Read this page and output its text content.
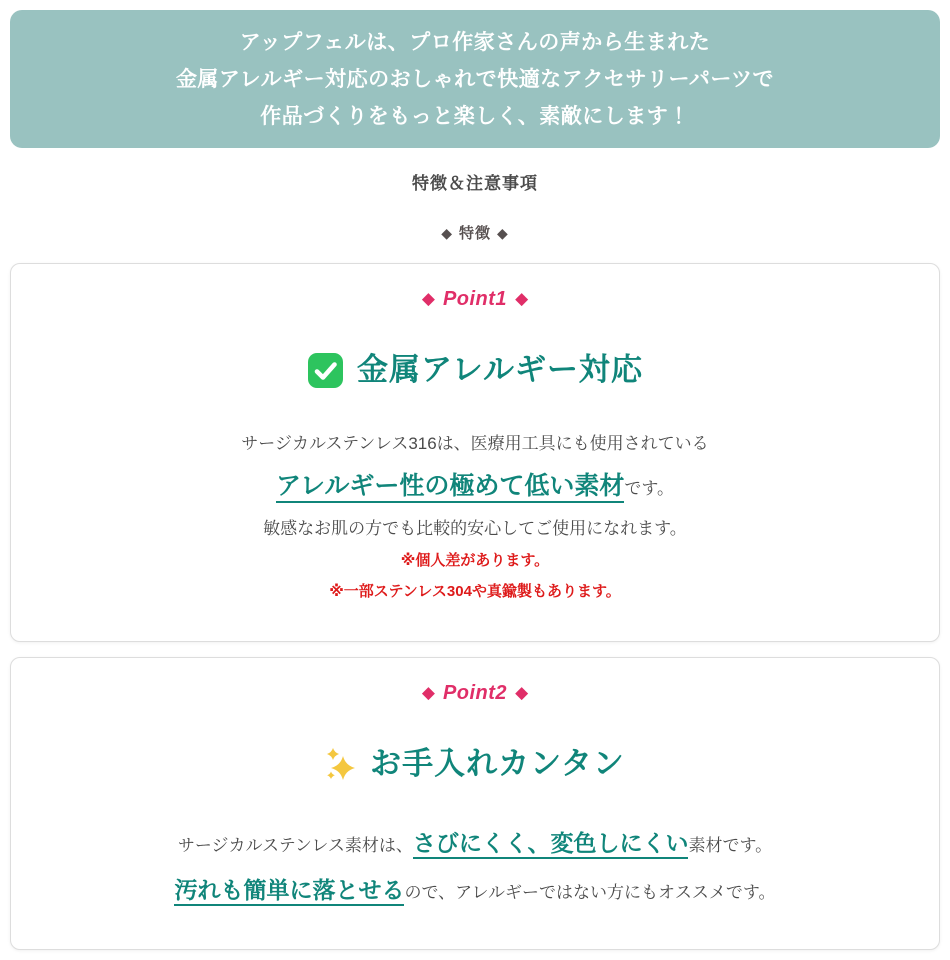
アップフェルは、プロ作家さんの声から生まれた
金属アレルギー対応のおしゃれで快適なアクセサリーパーツで
作品づくりをもっと楽しく、素敵にします！
特徴＆注意事項
◆ 特徴 ◆
◆ Point1 ◆
金属アレルギー対応
サージカルステンレス316は、医療用工具にも使用されている
アレルギー性の極めて低い素材です。
敏感なお肌の方でも比較的安心してご使用になれます。
※個人差があります。
※一部ステンレス304や真鍮製もあります。
◆ Point2 ◆
お手入れカンタン
サージカルステンレス素材は、さびにくく、変色しにくい素材です。
汚れも簡単に落とせるので、アレルギーではない方にもオススメです。
